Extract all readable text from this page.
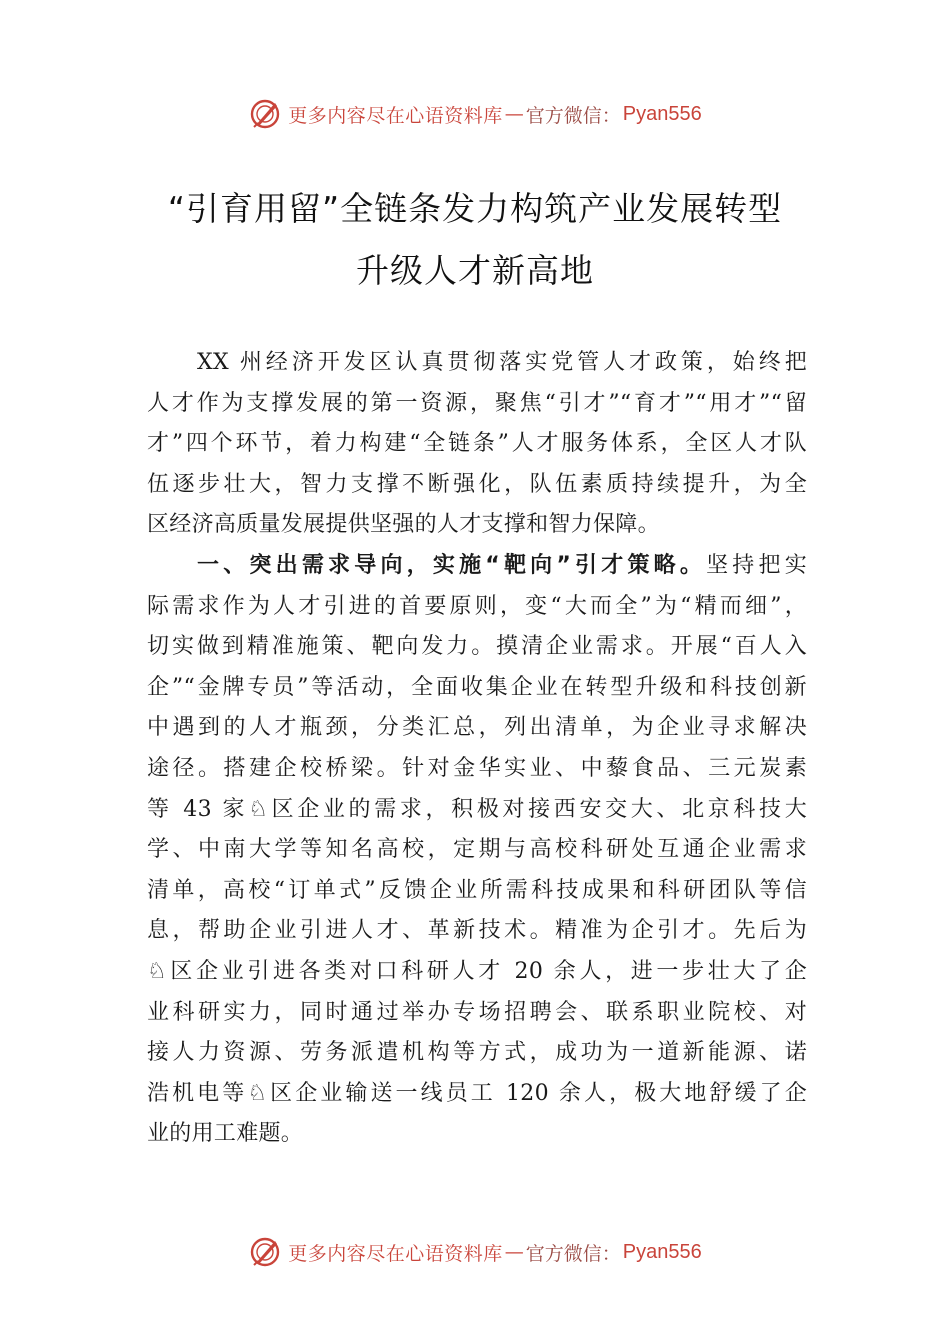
更多内容尽在心语资料库 — 官方微信： Pyan556
“引育用留”全链条发力构筑产业发展转型
升级人才新高地
XX 州经济开发区认真贯彻落实党管人才政策，始终把
人才作为支撑发展的第一资源，聚焦“引才”“育才”“用才”“留
才”四个环节，着力构建“全链条”人才服务体系，全区人才队
伍逐步壮大，智力支撑不断强化，队伍素质持续提升，为全
区经济高质量发展提供坚强的人才支撑和智力保障。
一、突出需求导向，实施“靶向”引才策略。坚持把实
际需求作为人才引进的首要原则，变“大而全”为“精而细”，
切实做到精准施策、靶向发力。摸清企业需求。开展“百人入
企”“金牌专员”等活动，全面收集企业在转型升级和科技创新
中遇到的人才瓶颈，分类汇总，列出清单，为企业寻求解决
途径。搭建企校桥梁。针对金华实业、中藜食品、三元炭素
等 43 家♘区企业的需求，积极对接西安交大、北京科技大
学、中南大学等知名高校，定期与高校科研处互通企业需求
清单，高校“订单式”反馈企业所需科技成果和科研团队等信
息，帮助企业引进人才、革新技术。精准为企引才。先后为
♘区企业引进各类对口科研人才 20 余人，进一步壮大了企
业科研实力，同时通过举办专场招聘会、联系职业院校、对
接人力资源、劳务派遣机构等方式，成功为一道新能源、诺
浩机电等♘区企业输送一线员工 120 余人，极大地舒缓了企
业的用工难题。
更多内容尽在心语资料库 — 官方微信： Pyan556
